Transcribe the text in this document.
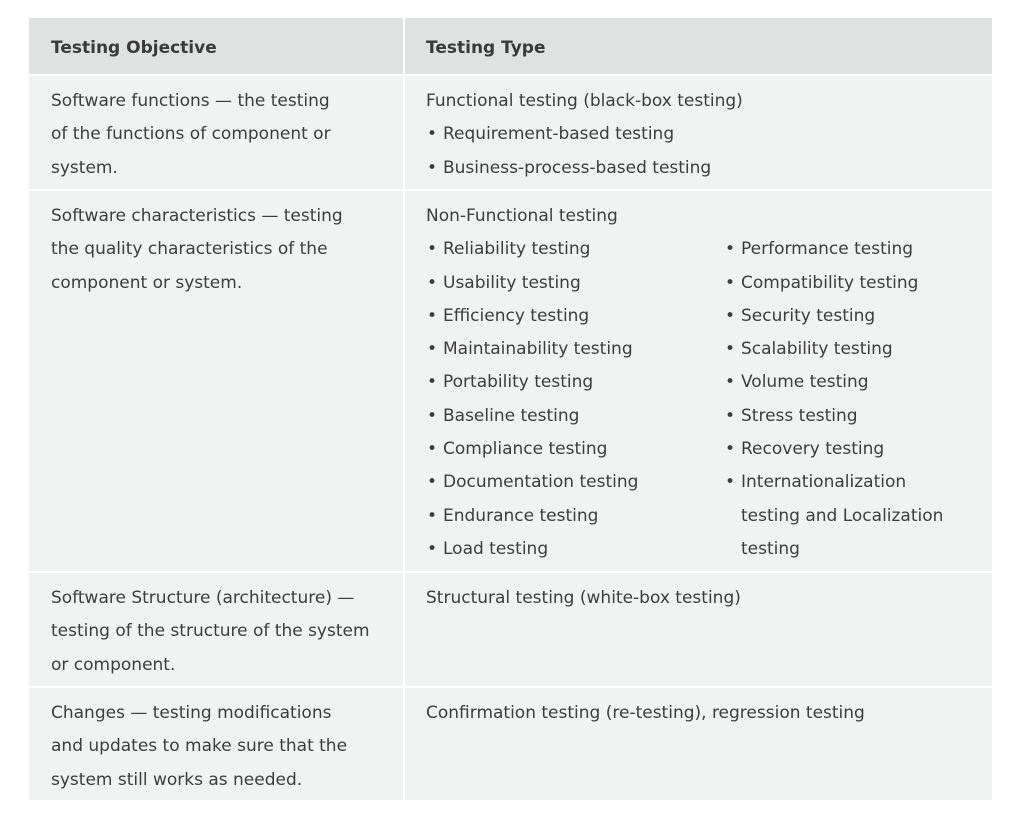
Testing Objective	Testing Type
Software functions — the testing
of the functions of component or
system.
Functional testing (black-box testing)
• Requirement-based testing
• Business-process-based testing
Software characteristics — testing
the quality characteristics of the
component or system.
Non-Functional testing
• Reliability testing
• Usability testing
• Efficiency testing
• Maintainability testing
• Portability testing
• Baseline testing
• Compliance testing
• Documentation testing
• Endurance testing
• Load testing
• Performance testing
• Compatibility testing
• Security testing
• Scalability testing
• Volume testing
• Stress testing
• Recovery testing
• Internationalization
testing and Localization
testing
Software Structure (architecture) —
testing of the structure of the system
or component.
Structural testing (white-box testing)
Changes — testing modifications
and updates to make sure that the
system still works as needed.
Confirmation testing (re-testing), regression testing
